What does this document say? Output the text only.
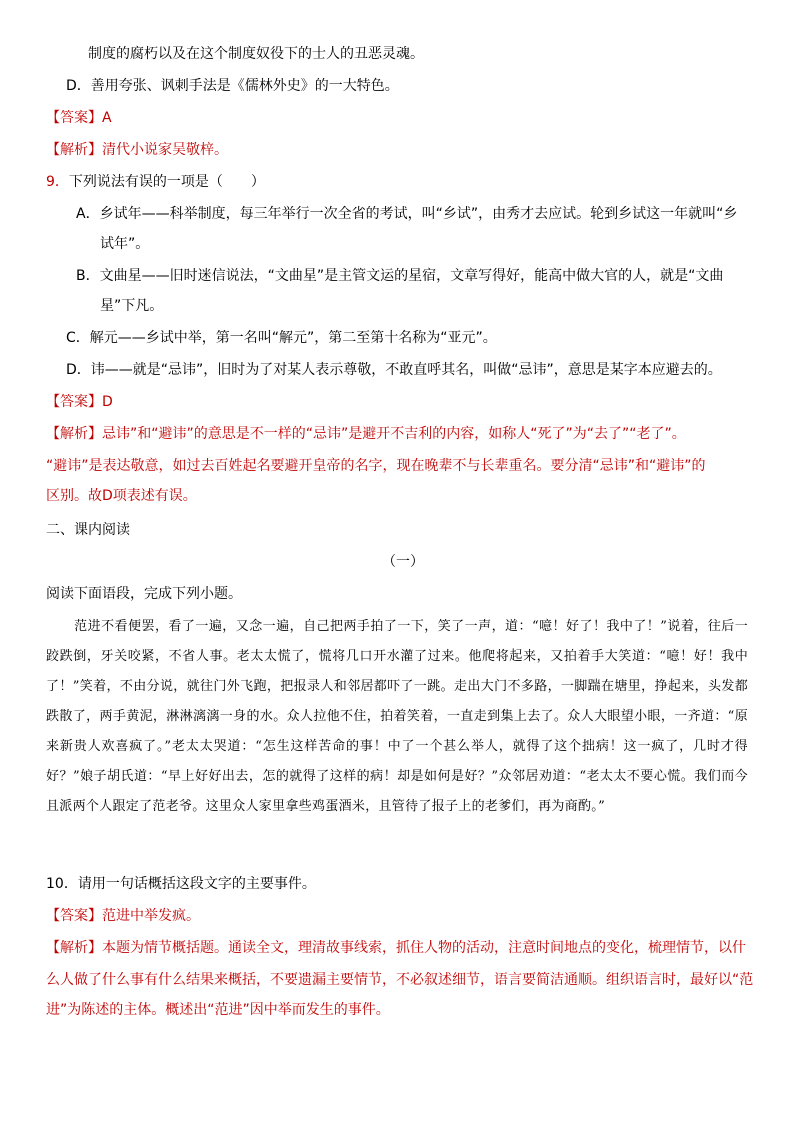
制度的腐朽以及在这个制度奴役下的士人的丑恶灵魂。
D．善用夸张、讽刺手法是《儒林外史》的一大特色。
【答案】A
【解析】清代小说家吴敬梓。
9．下列说法有误的一项是（　　）
A．乡试年——科举制度，每三年举行一次全省的考试，叫“乡试”，由秀才去应试。轮到乡试这一年就叫“乡
试年”。
B．文曲星——旧时迷信说法，“文曲星”是主管文运的星宿，文章写得好，能高中做大官的人，就是“文曲
星”下凡。
C．解元——乡试中举，第一名叫“解元”，第二至第十名称为“亚元”。
D．讳——就是“忌讳”，旧时为了对某人表示尊敬，不敢直呼其名，叫做“忌讳”，意思是某字本应避去的。
【答案】D
【解析】忌讳”和“避讳”的意思是不一样的“忌讳”是避开不吉利的内容，如称人“死了”为“去了”“老了”。
“避讳”是表达敬意，如过去百姓起名要避开皇帝的名字，现在晚辈不与长辈重名。要分清“忌讳”和“避讳”的
区别。故D项表述有误。
二、课内阅读
（一）
阅读下面语段，完成下列小题。
范进不看便罢，看了一遍，又念一遍，自己把两手拍了一下，笑了一声，道：“噫！好了！我中了！”说着，往后一跤跌倒，牙关咬紧，不省人事。老太太慌了，慌将几口开水灌了过来。他爬将起来，又拍着手大笑道：“噫！好！我中了！”笑着，不由分说，就往门外飞跑，把报录人和邻居都吓了一跳。走出大门不多路，一脚踹在塘里，挣起来，头发都跌散了，两手黄泥，淋淋漓漓一身的水。众人拉他不住，拍着笑着，一直走到集上去了。众人大眼望小眼，一齐道：“原来新贵人欢喜疯了。”老太太哭道：“怎生这样苦命的事！中了一个甚么举人，就得了这个拙病！这一疯了，几时才得好？”娘子胡氏道：“早上好好出去，怎的就得了这样的病！却是如何是好？”众邻居劝道：“老太太不要心慌。我们而今且派两个人跟定了范老爷。这里众人家里拿些鸡蛋酒米，且管待了报子上的老爹们，再为商酌。”
10．请用一句话概括这段文字的主要事件。
【答案】范进中举发疯。
【解析】本题为情节概括题。通读全文，理清故事线索，抓住人物的活动，注意时间地点的变化，梳理情节，以什
么人做了什么事有什么结果来概括，不要遗漏主要情节，不必叙述细节，语言要简洁通顺。组织语言时，最好以“范
进”为陈述的主体。概述出“范进”因中举而发生的事件。
